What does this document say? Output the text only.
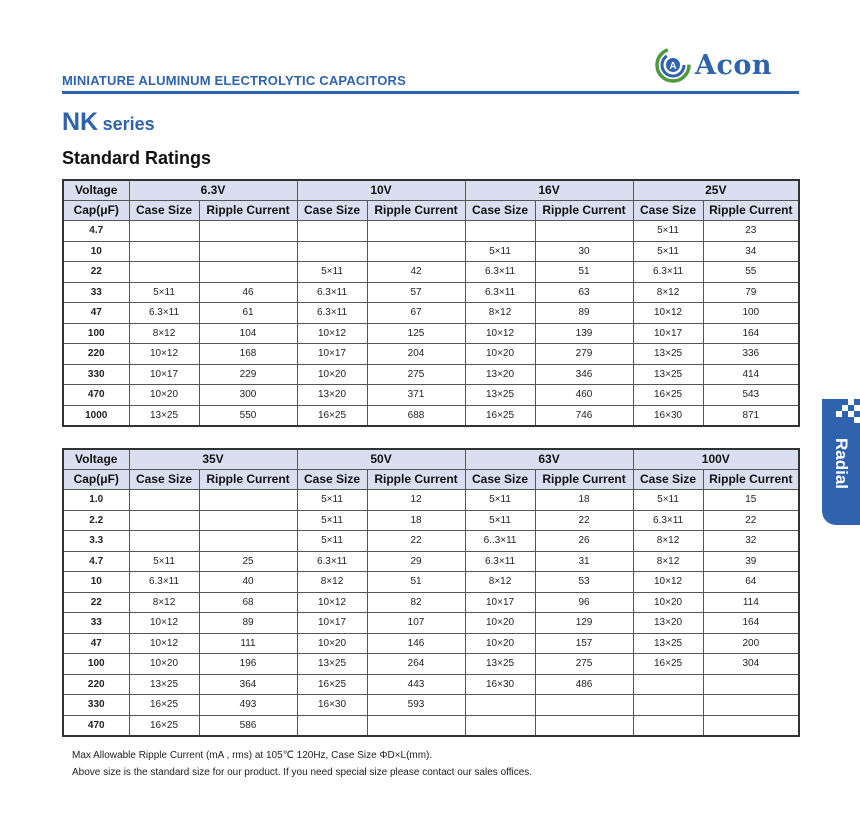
MINIATURE ALUMINUM ELECTROLYTIC CAPACITORS
A Acon
NK series
Standard Ratings
Voltage	6.3V		10V		16V		25V	
Cap(μF)	Case Size	Ripple Current	Case Size	Ripple Current	Case Size	Ripple Current	Case Size	Ripple Current
4.7							5×11	23
10					5×11	30	5×11	34
22			5×11	42	6.3×11	51	6.3×11	55
33	5×11	46	6.3×11	57	6.3×11	63	8×12	79
47	6.3×11	61	6.3×11	67	8×12	89	10×12	100
100	8×12	104	10×12	125	10×12	139	10×17	164
220	10×12	168	10×17	204	10×20	279	13×25	336
330	10×17	229	10×20	275	13×20	346	13×25	414
470	10×20	300	13×20	371	13×25	460	16×25	543
1000	13×25	550	16×25	688	16×25	746	16×30	871
Voltage	35V		50V		63V		100V	
Cap(μF)	Case Size	Ripple Current	Case Size	Ripple Current	Case Size	Ripple Current	Case Size	Ripple Current
1.0			5×11	12	5×11	18	5×11	15
2.2			5×11	18	5×11	22	6.3×11	22
3.3			5×11	22	6..3×11	26	8×12	32
4.7	5×11	25	6.3×11	29	6.3×11	31	8×12	39
10	6.3×11	40	8×12	51	8×12	53	10×12	64
22	8×12	68	10×12	82	10×17	96	10×20	114
33	10×12	89	10×17	107	10×20	129	13×20	164
47	10×12	111	10×20	146	10×20	157	13×25	200
100	10×20	196	13×25	264	13×25	275	16×25	304
220	13×25	364	16×25	443	16×30	486		
330	16×25	493	16×30	593				
470	16×25	586						
Max Allowable Ripple Current (mA , rms) at 105℃ 120Hz, Case Size ΦD×L(mm).
Above size is the standard size for our product. If you need special size please contact our sales offices.
Radial
